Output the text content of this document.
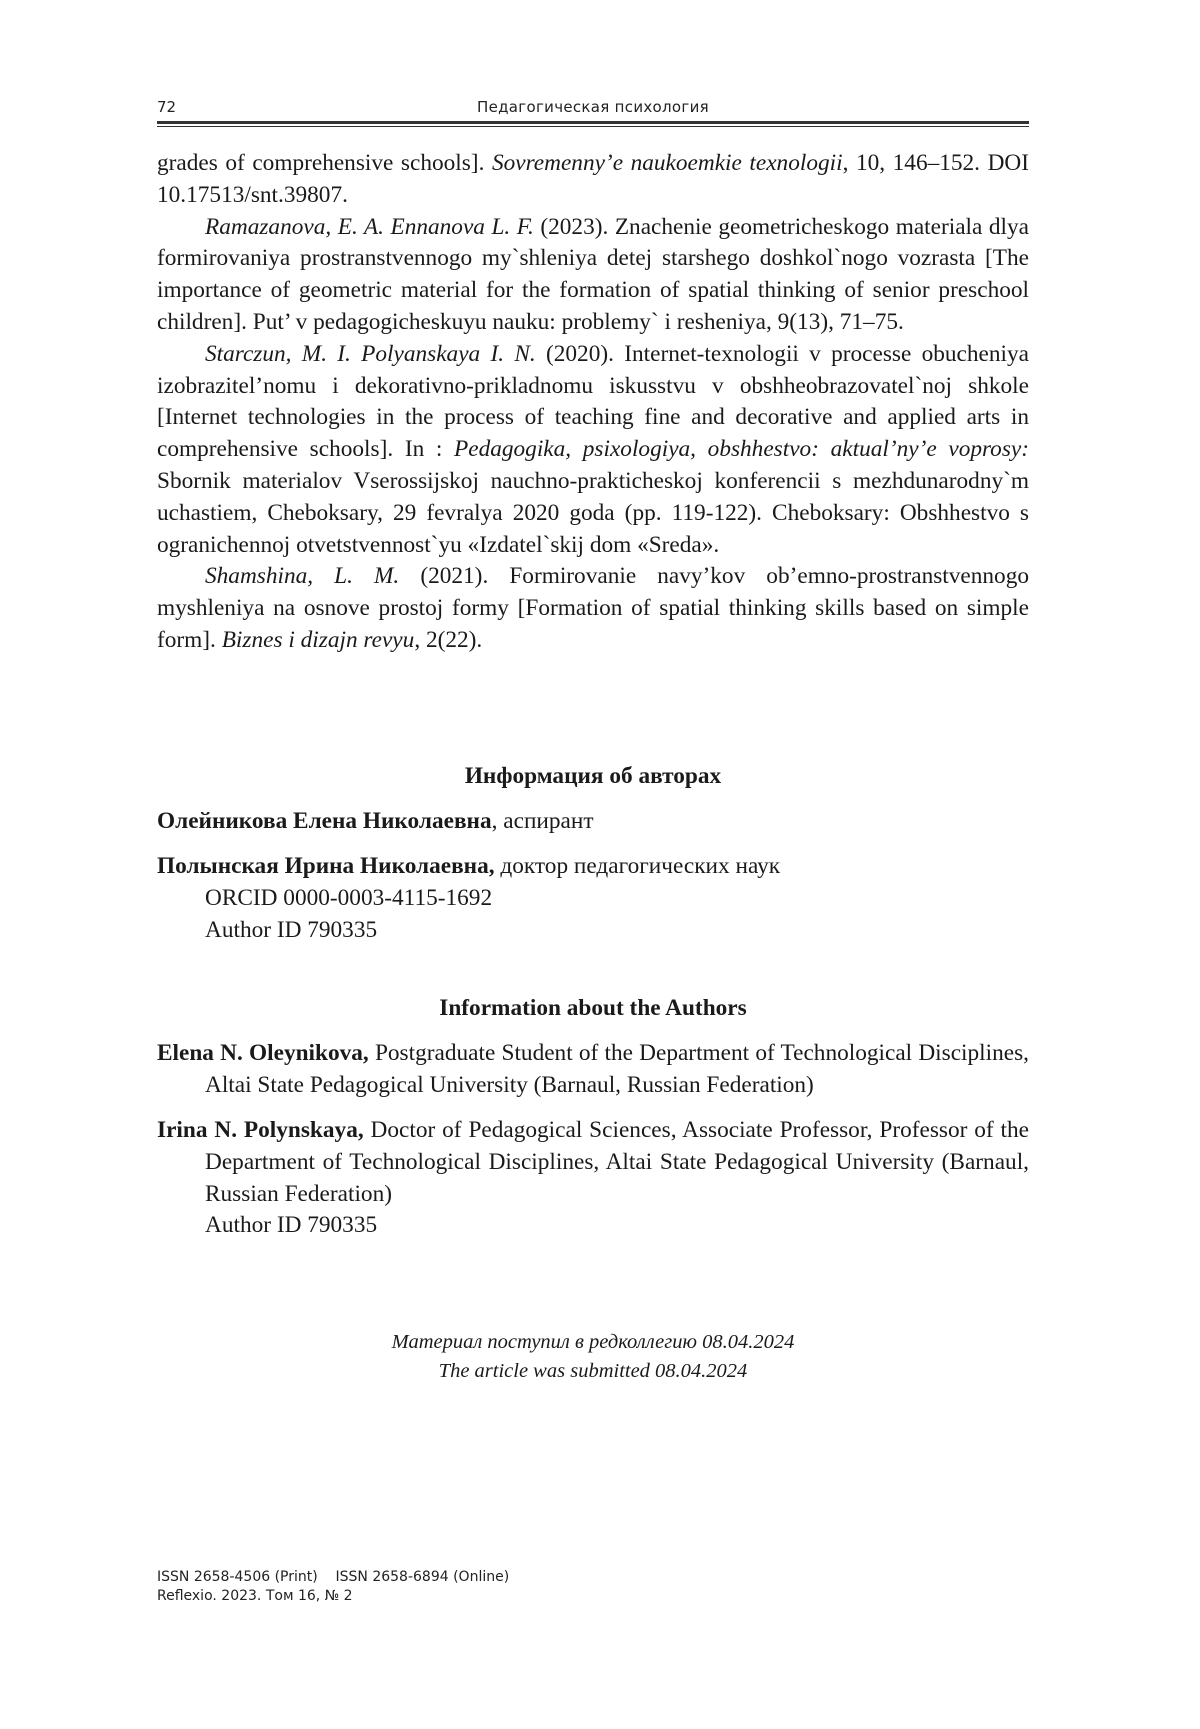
72	Педагогическая психология

grades of comprehensive schools]. Sovremenny’e naukoemkie texnologii, 10, 146–152. DOI 10.17513/snt.39807.

Ramazanova, E. A. Ennanova L. F. (2023). Znachenie geometricheskogo materiala dlya formirovaniya prostranstvennogo my`shleniya detej starshego doshkol`nogo vozrasta [The importance of geometric material for the formation of spatial thinking of senior preschool children]. Put’ v pedagogicheskuyu nauku: problemy` i resheniya, 9(13), 71–75.

Starczun, M. I. Polyanskaya I. N. (2020). Internet-texnologii v processe obucheniya izobrazitel’nomu i dekorativno-prikladnomu iskusstvu v obshheobrazovatel`noj shkole [Internet technologies in the process of teaching fine and decorative and applied arts in comprehensive schools]. In : Pedagogika, psixologiya, obshhestvo: aktual’ny’e voprosy: Sbornik materialov Vserossijskoj nauchno-prakticheskoj konferencii s mezhdunarodny`m uchastiem, Cheboksary, 29 fevralya 2020 goda (pp. 119-122). Cheboksary: Obshhestvo s ogranichennoj otvetstvennost`yu «Izdatel`skij dom «Sreda».

Shamshina, L. M. (2021). Formirovanie navy’kov ob’emno-prostranstvennogo myshleniya na osnove prostoj formy [Formation of spatial thinking skills based on simple form]. Biznes i dizajn revyu, 2(22).

Информация об авторах

Олейникова Елена Николаевна, аспирант

Полынская Ирина Николаевна, доктор педагогических наук

ORCID 0000-0003-4115-1692

Author ID 790335

Information about the Authors

Elena N. Oleynikova, Postgraduate Student of the Department of Technological Disciplines, Altai State Pedagogical University (Barnaul, Russian Federation)

Irina N. Polynskaya, Doctor of Pedagogical Sciences, Associate Professor, Professor of the Department of Technological Disciplines, Altai State Pedagogical University (Barnaul, Russian Federation)

Author ID 790335

Материал поступил в редколлегию 08.04.2024
The article was submitted 08.04.2024
ISSN 2658-4506 (Print)    ISSN 2658-6894 (Online)
Reflexio. 2023. Том 16, № 2
